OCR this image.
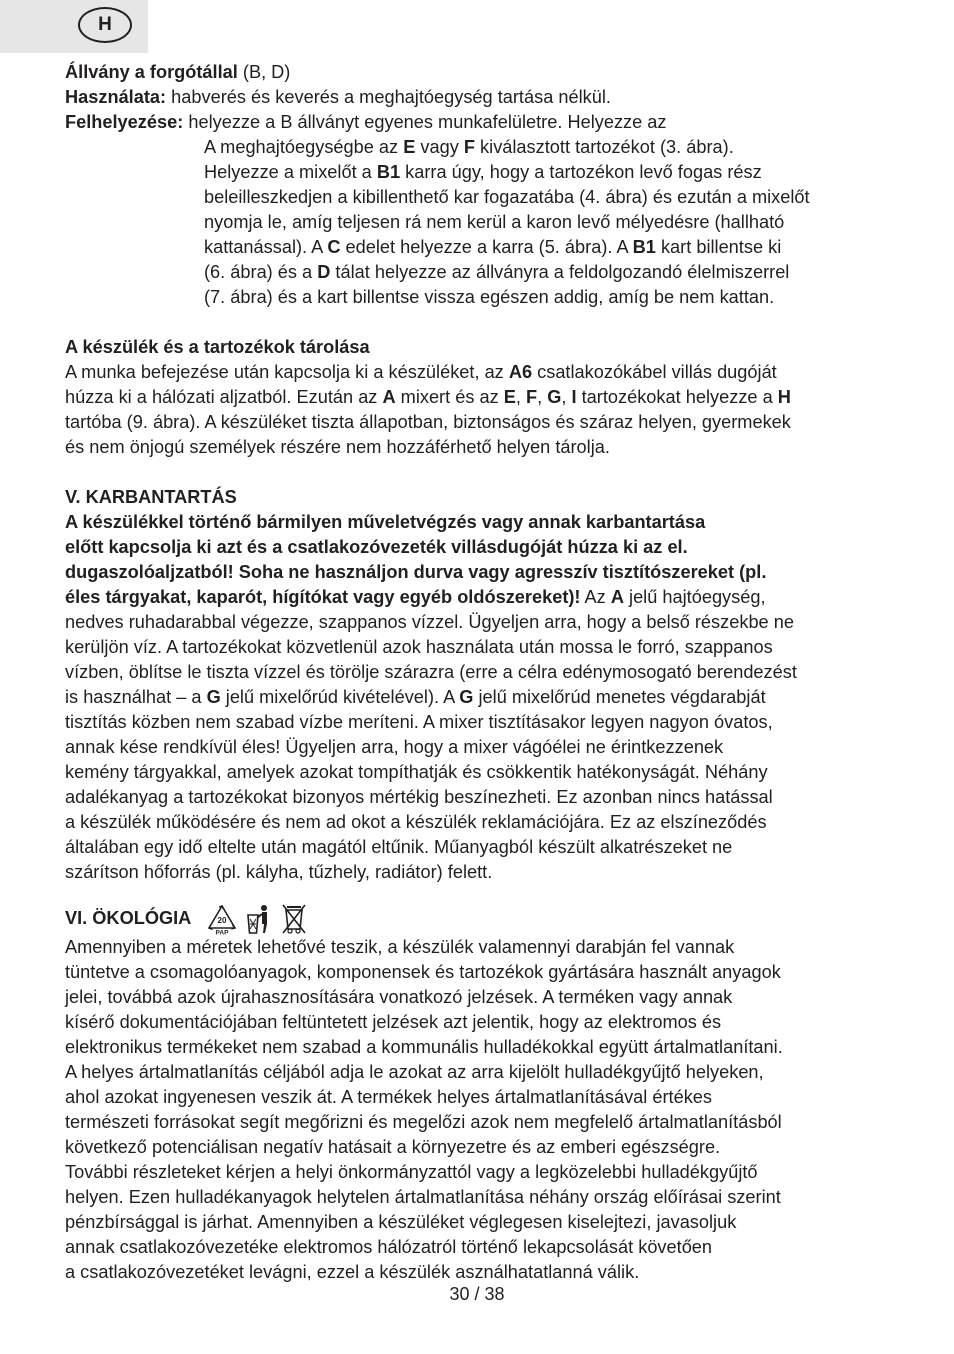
H
Állvány a forgótállal (B, D)
Használata: habverés és keverés a meghajtóegység tartása nélkül.
Felhelyezése: helyezze a B állványt egyenes munkafelületre. Helyezze az
A meghajtóegységbe az E vagy F kiválasztott tartozékot (3. ábra).
Helyezze a mixelőt a B1 karra úgy, hogy a tartozékon levő fogas rész
beleilleszkedjen a kibillenthető kar fogazatába (4. ábra) és ezután a mixelőt
nyomja le, amíg teljesen rá nem kerül a karon levő mélyedésre (hallható
kattanással). A C edelet helyezze a karra (5. ábra). A B1 kart billentse ki
(6. ábra) és a D tálat helyezze az állványra a feldolgozandó élelmiszerrel
(7. ábra) és a kart billentse vissza egészen addig, amíg be nem kattan.
A készülék és a tartozékok tárolása
A munka befejezése után kapcsolja ki a készüléket, az A6 csatlakozókábel villás dugóját
húzza ki a hálózati aljzatból. Ezután az A mixert és az E, F, G, I tartozékokat helyezze a H
tartóba (9. ábra). A készüléket tiszta állapotban, biztonságos és száraz helyen, gyermekek
és nem önjogú személyek részére nem hozzáférhető helyen tárolja.
V. KARBANTARTÁS
A készülékkel történő bármilyen műveletvégzés vagy annak karbantartása
előtt kapcsolja ki azt és a csatlakozóvezeték villásdugóját húzza ki az el.
dugaszolóaljzatból! Soha ne használjon durva vagy agresszív tisztítószereket (pl.
éles tárgyakat, kaparót, hígítókat vagy egyéb oldószereket)! Az A jelű hajtóegység,
nedves ruhadarabbal végezze, szappanos vízzel. Ügyeljen arra, hogy a belső részekbe ne
kerüljön víz. A tartozékokat közvetlenül azok használata után mossa le forró, szappanos
vízben, öblítse le tiszta vízzel és törölje szárazra (erre a célra edénymosogató berendezést
is használhat – a G jelű mixelőrúd kivételével). A G jelű mixelőrúd menetes végdarabját
tisztítás közben nem szabad vízbe meríteni. A mixer tisztításakor legyen nagyon óvatos,
annak kése rendkívül éles! Ügyeljen arra, hogy a mixer vágóélei ne érintkezzenek
kemény tárgyakkal, amelyek azokat tompíthatják és csökkentik hatékonyságát. Néhány
adalékanyag a tartozékokat bizonyos mértékig beszínezheti. Ez azonban nincs hatással
a készülék működésére és nem ad okot a készülék reklamációjára. Ez az elszíneződés
általában egy idő eltelte után magától eltűnik. Műanyagból készült alkatrészeket ne
szárítson hőforrás (pl. kályha, tűzhely, radiátor) felett.
VI. ÖKOLÓGIA	20
PAP

Amennyiben a méretek lehetővé teszik, a készülék valamennyi darabján fel vannak
tüntetve a csomagolóanyagok, komponensek és tartozékok gyártására használt anyagok
jelei, továbbá azok újrahasznosítására vonatkozó jelzések. A terméken vagy annak
kísérő dokumentációjában feltüntetett jelzések azt jelentik, hogy az elektromos és
elektronikus termékeket nem szabad a kommunális hulladékokkal együtt ártalmatlanítani.
A helyes ártalmatlanítás céljából adja le azokat az arra kijelölt hulladékgyűjtő helyeken,
ahol azokat ingyenesen veszik át. A termékek helyes ártalmatlanításával értékes
természeti forrásokat segít megőrizni és megelőzi azok nem megfelelő ártalmatlanításból
következő potenciálisan negatív hatásait a környezetre és az emberi egészségre.
További részleteket kérjen a helyi önkormányzattól vagy a legközelebbi hulladékgyűjtő
helyen. Ezen hulladékanyagok helytelen ártalmatlanítása néhány ország előírásai szerint
pénzbírsággal is járhat. Amennyiben a készüléket véglegesen kiselejtezi, javasoljuk
annak csatlakozóvezetéke elektromos hálózatról történő lekapcsolását követően
a csatlakozóvezetéket levágni, ezzel a készülék asználhatatlanná válik.
30 / 38
